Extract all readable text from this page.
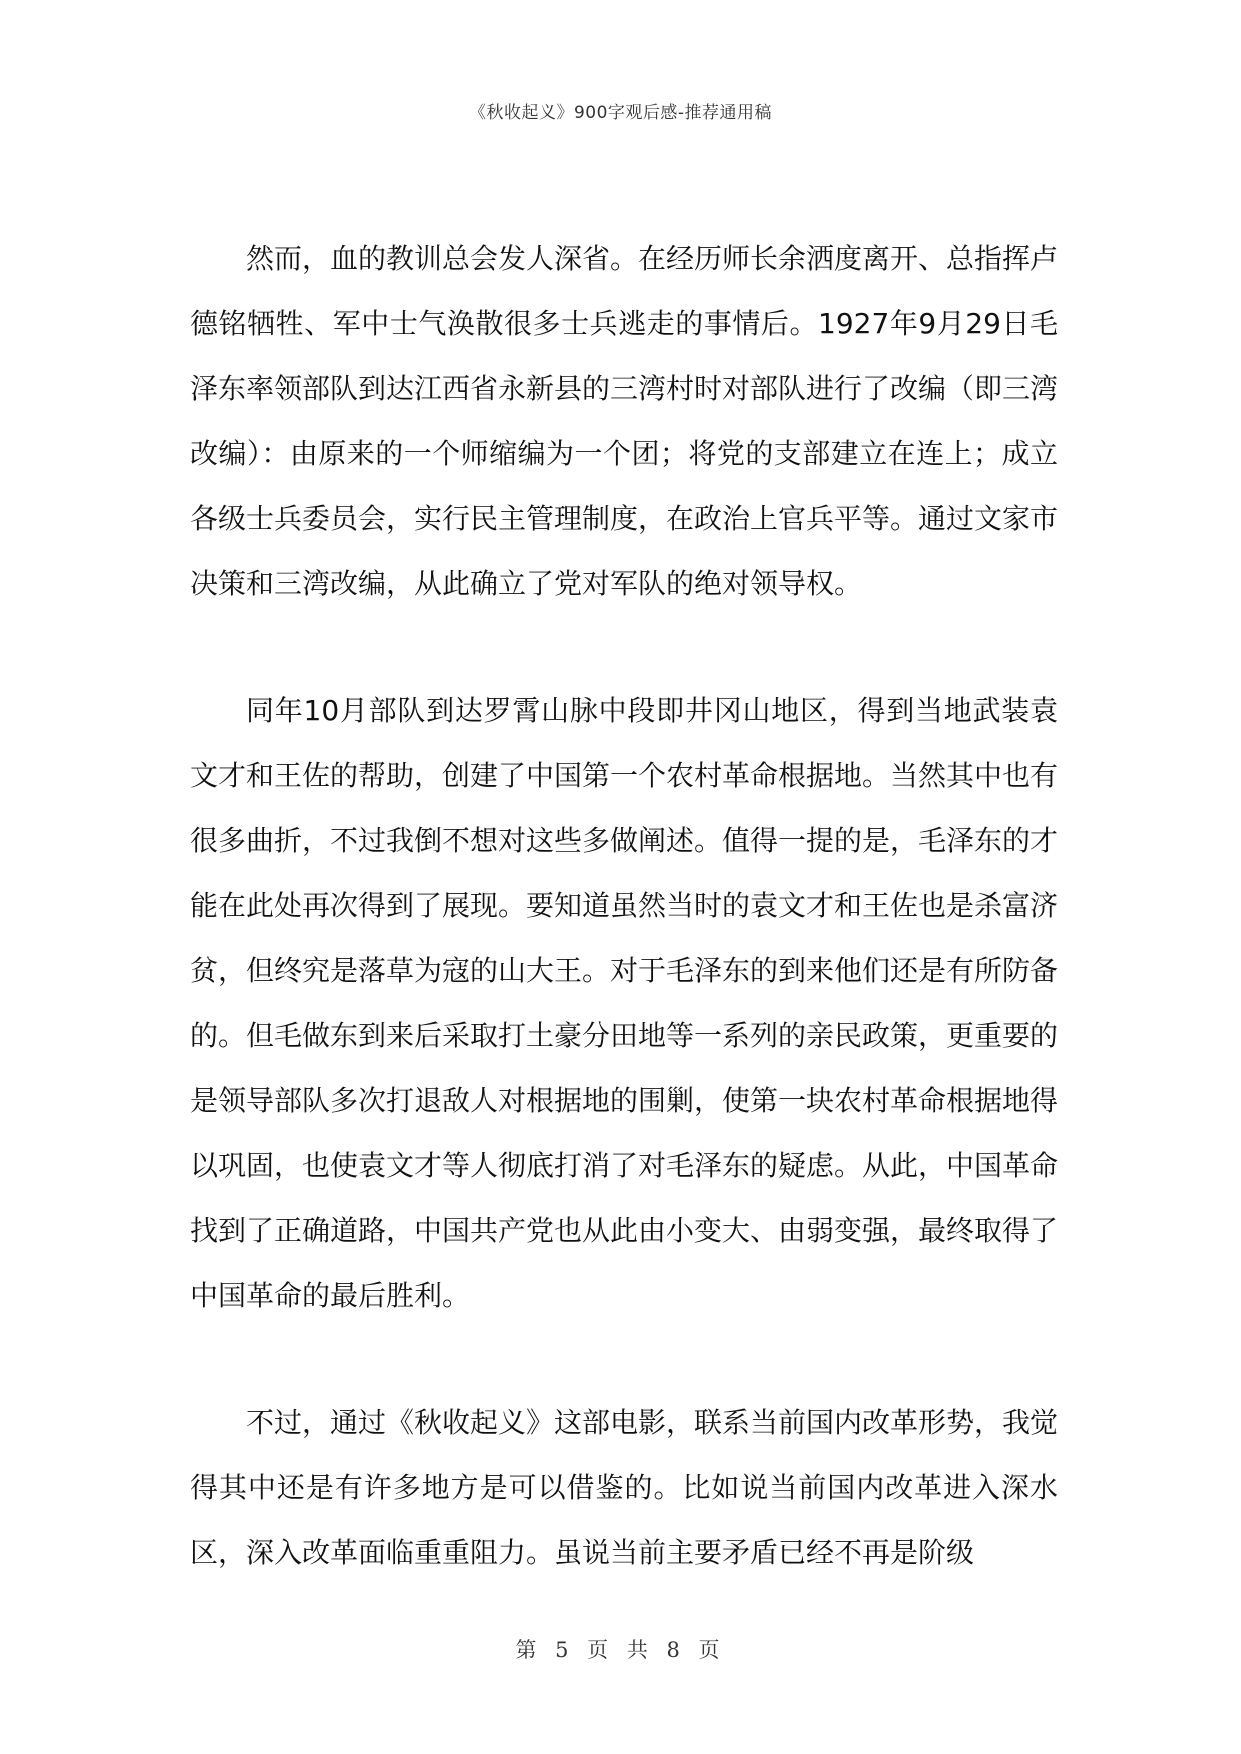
《秋收起义》900字观后感-推荐通用稿

然而，血的教训总会发人深省。在经历师长余洒度离开、总指挥卢德铭牺牲、军中士气涣散很多士兵逃走的事情后。1927年9月29日毛泽东率领部队到达江西省永新县的三湾村时对部队进行了改编（即三湾改编）：由原来的一个师缩编为一个团；将党的支部建立在连上；成立各级士兵委员会，实行民主管理制度，在政治上官兵平等。通过文家市决策和三湾改编，从此确立了党对军队的绝对领导权。

同年10月部队到达罗霄山脉中段即井冈山地区，得到当地武装袁文才和王佐的帮助，创建了中国第一个农村革命根据地。当然其中也有很多曲折，不过我倒不想对这些多做阐述。值得一提的是，毛泽东的才能在此处再次得到了展现。要知道虽然当时的袁文才和王佐也是杀富济贫，但终究是落草为寇的山大王。对于毛泽东的到来他们还是有所防备的。但毛做东到来后采取打土豪分田地等一系列的亲民政策，更重要的是领导部队多次打退敌人对根据地的围剿，使第一块农村革命根据地得以巩固，也使袁文才等人彻底打消了对毛泽东的疑虑。从此，中国革命找到了正确道路，中国共产党也从此由小变大、由弱变强，最终取得了中国革命的最后胜利。

不过，通过《秋收起义》这部电影，联系当前国内改革形势，我觉得其中还是有许多地方是可以借鉴的。比如说当前国内改革进入深水区，深入改革面临重重阻力。虽说当前主要矛盾已经不再是阶级

第 5 页 共 8 页
